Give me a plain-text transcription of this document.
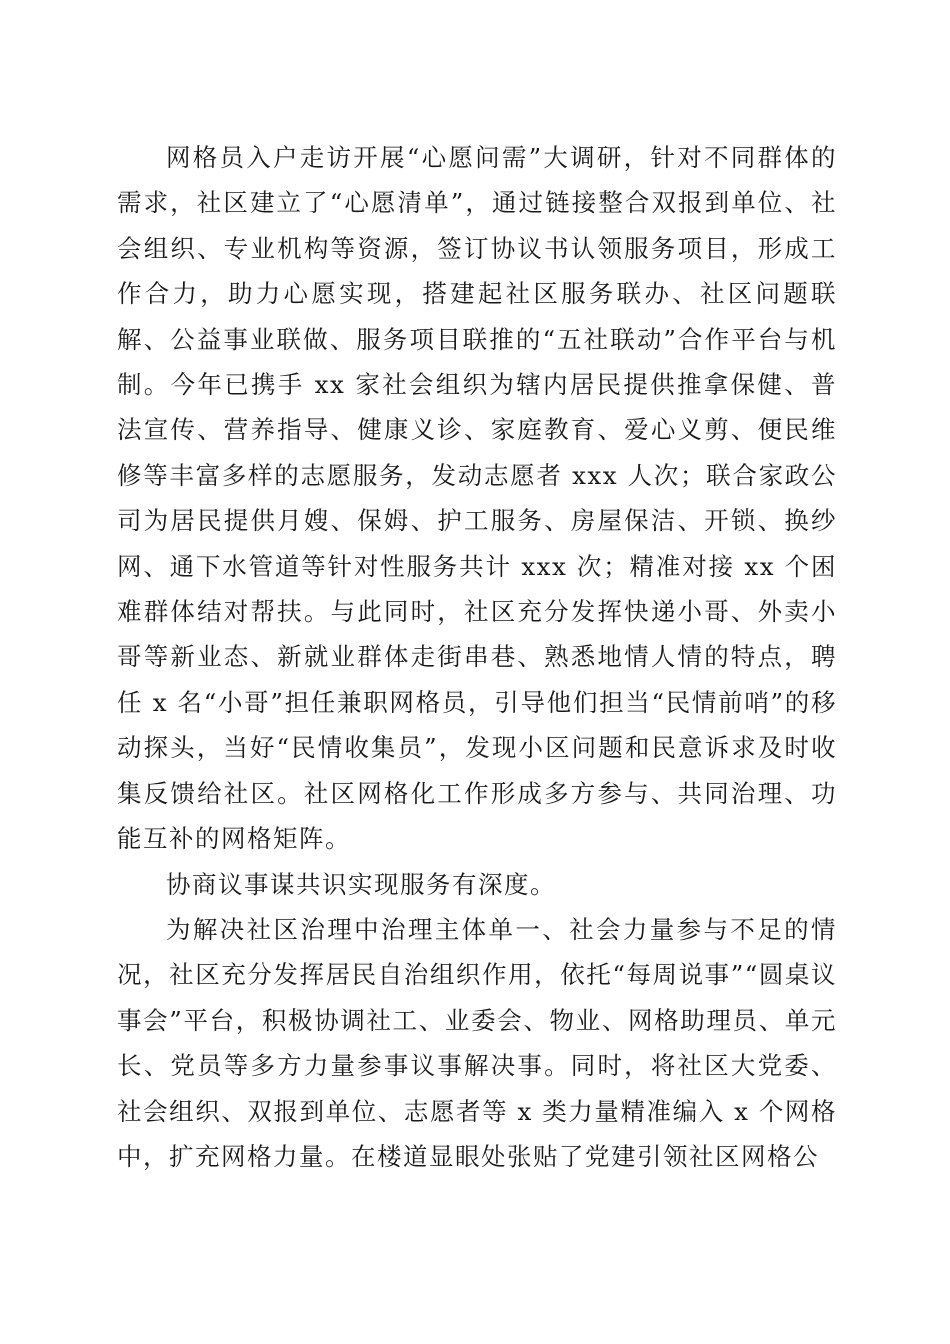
网格员入户走访开展“心愿问需”大调研，针对不同群体的需求，社区建立了“心愿清单”，通过链接整合双报到单位、社会组织、专业机构等资源，签订协议书认领服务项目，形成工作合力，助力心愿实现，搭建起社区服务联办、社区问题联解、公益事业联做、服务项目联推的“五社联动”合作平台与机制。今年已携手 xx 家社会组织为辖内居民提供推拿保健、普法宣传、营养指导、健康义诊、家庭教育、爱心义剪、便民维修等丰富多样的志愿服务，发动志愿者 xxx 人次；联合家政公司为居民提供月嫂、保姆、护工服务、房屋保洁、开锁、换纱网、通下水管道等针对性服务共计 xxx 次；精准对接 xx 个困难群体结对帮扶。与此同时，社区充分发挥快递小哥、外卖小哥等新业态、新就业群体走街串巷、熟悉地情人情的特点，聘任 x 名“小哥”担任兼职网格员，引导他们担当“民情前哨”的移动探头，当好“民情收集员”，发现小区问题和民意诉求及时收集反馈给社区。社区网格化工作形成多方参与、共同治理、功能互补的网格矩阵。

协商议事谋共识实现服务有深度。

为解决社区治理中治理主体单一、社会力量参与不足的情况，社区充分发挥居民自治组织作用，依托“每周说事”“圆桌议事会”平台，积极协调社工、业委会、物业、网格助理员、单元长、党员等多方力量参事议事解决事。同时，将社区大党委、社会组织、双报到单位、志愿者等 x 类力量精准编入 x 个网格中，扩充网格力量。在楼道显眼处张贴了党建引领社区网格公
